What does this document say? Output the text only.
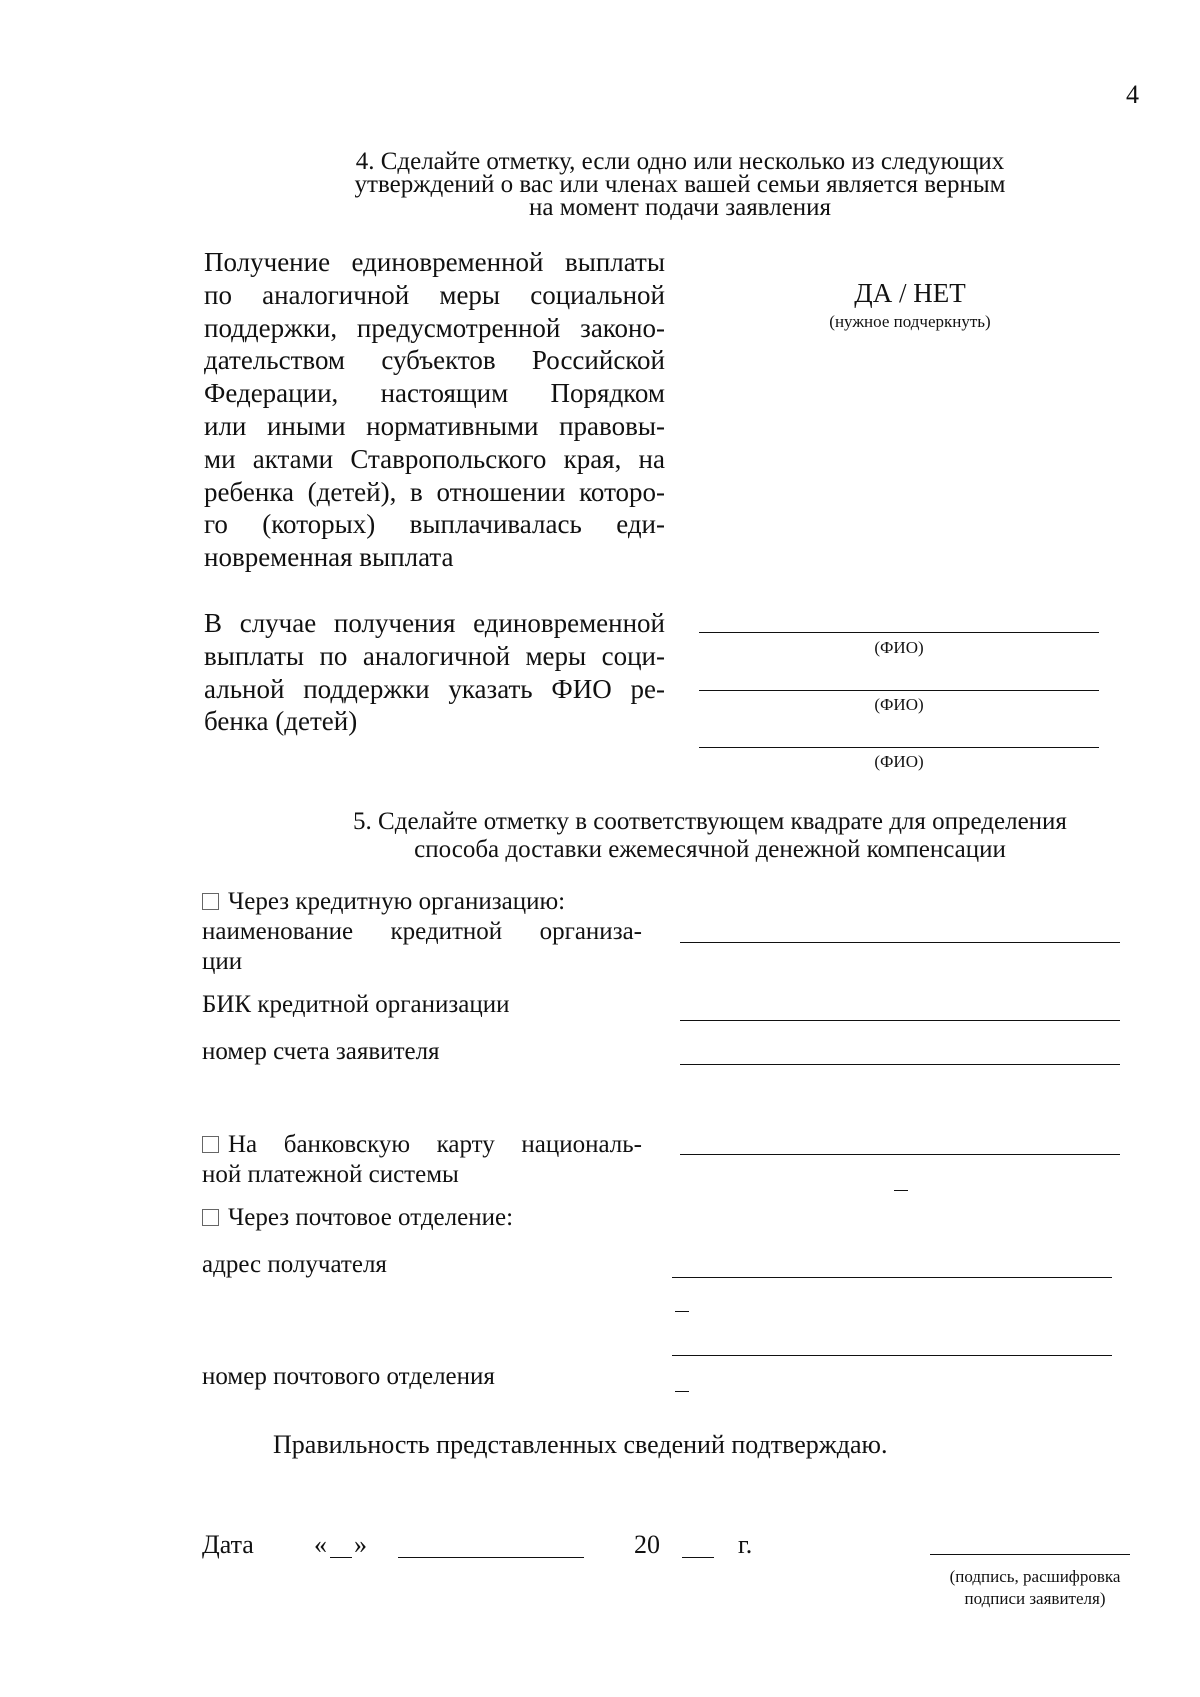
4
4. Сделайте отметку, если одно или несколько из следующих
утверждений о вас или членах вашей семьи является верным
на момент подачи заявления
Получение единовременной выплаты
по аналогичной меры социальной
поддержки, предусмотренной законо-
дательством субъектов Российской
Федерации, настоящим Порядком
или иными нормативными правовы-
ми актами Ставропольского края, на
ребенка (детей), в отношении которо-
го (которых) выплачивалась еди-
новременная выплата
ДА / НЕТ
(нужное подчеркнуть)
В случае получения единовременной
выплаты по аналогичной меры соци-
альной поддержки указать ФИО ре-
бенка (детей)
(ФИО)
(ФИО)
(ФИО)
5. Сделайте отметку в соответствующем квадрате для определения
способа доставки ежемесячной денежной компенсации
Через кредитную организацию:
наименование кредитной организа-
ции
БИК кредитной организации
номер счета заявителя
На банковскую карту националь-
ной платежной системы
Через почтовое отделение:
адрес получателя
номер почтового отделения
Правильность представленных сведений подтверждаю.
Дата « »	20	г.
(подпись, расшифровка
подписи заявителя)
